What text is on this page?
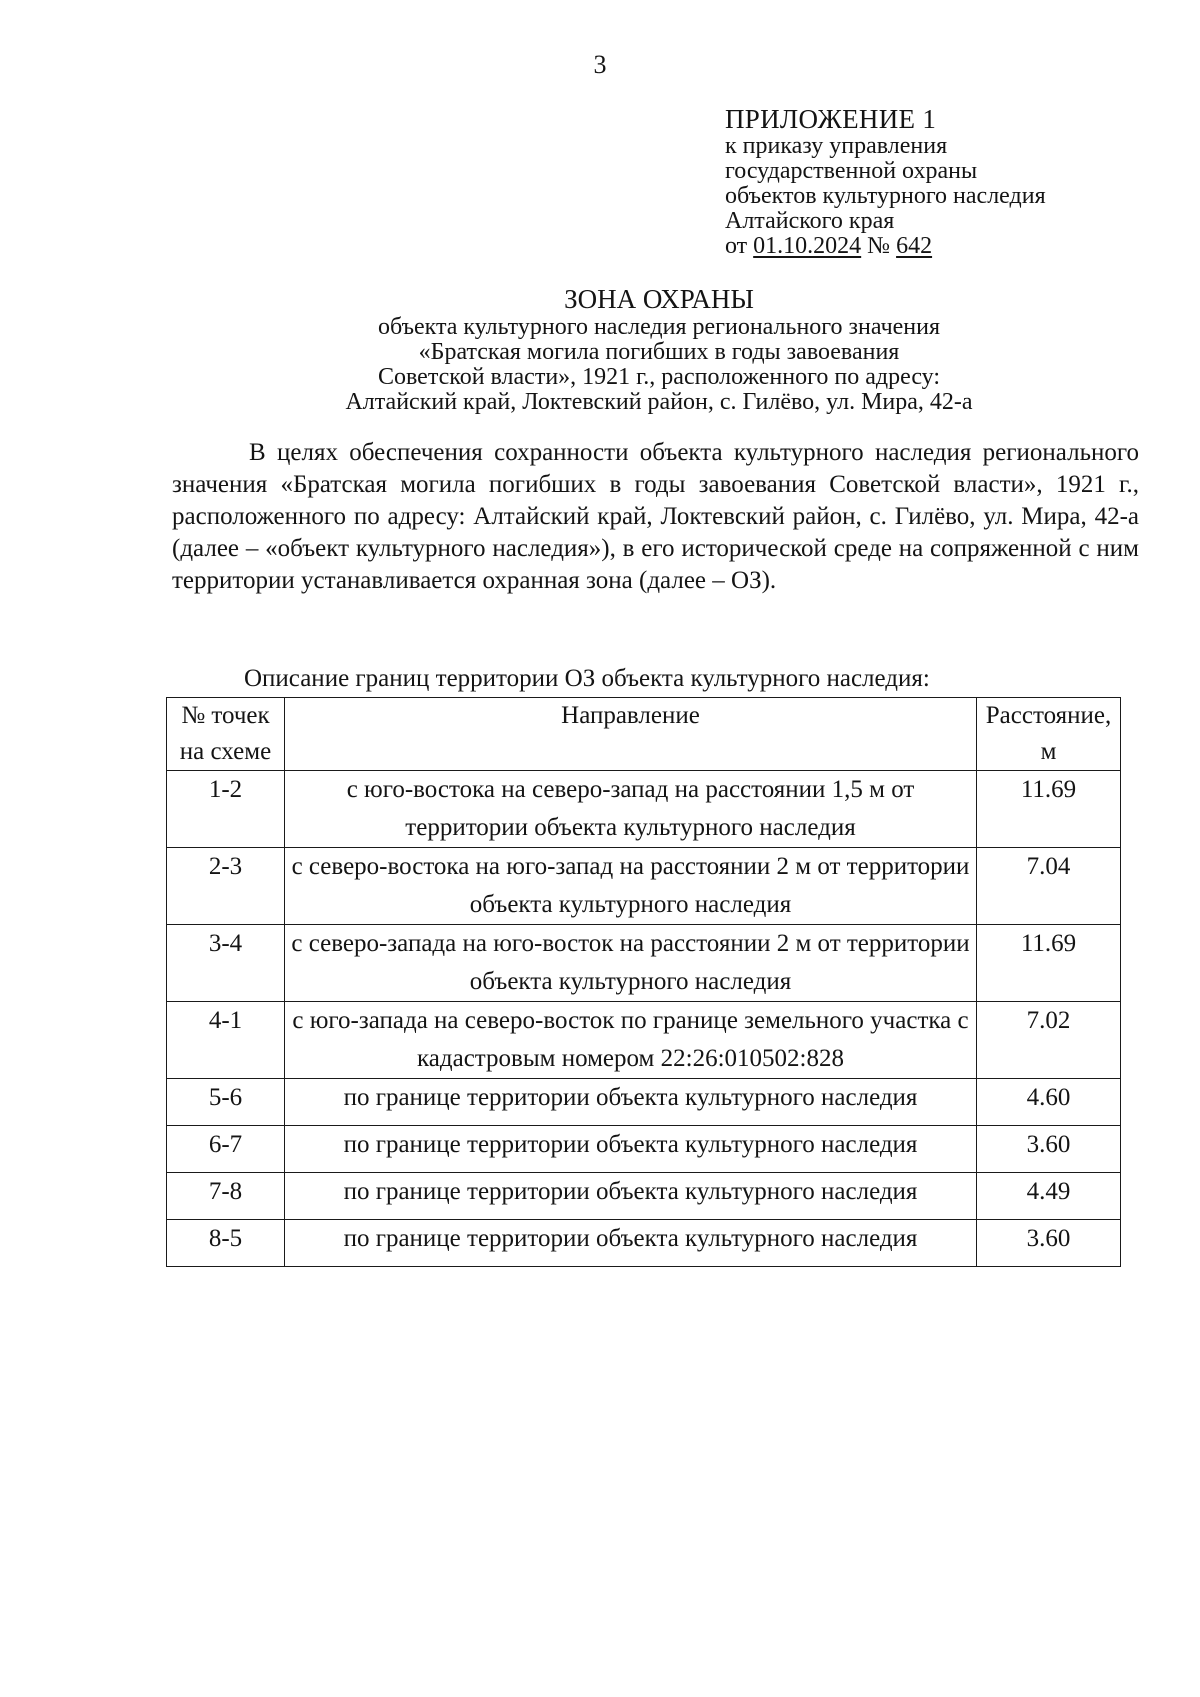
3
ПРИЛОЖЕНИЕ 1
к приказу управления
государственной охраны
объектов культурного наследия
Алтайского края
от 01.10.2024 № 642
ЗОНА ОХРАНЫ
объекта культурного наследия регионального значения
«Братская могила погибших в годы завоевания
Советской власти», 1921 г., расположенного по адресу:
Алтайский край, Локтевский район, с. Гилёво, ул. Мира, 42-а
В целях обеспечения сохранности объекта культурного наследия регионального значения «Братская могила погибших в годы завоевания Советской власти», 1921 г., расположенного по адресу: Алтайский край, Локтевский район, с. Гилёво, ул. Мира, 42-а (далее – «объект культурного наследия»), в его исторической среде на сопряженной с ним территории устанавливается охранная зона (далее – ОЗ).
Описание границ территории ОЗ объекта культурного наследия:
№ точек на схеме	Направление	Расстояние, м
1-2	с юго-востока на северо-запад на расстоянии 1,5 м от территории объекта культурного наследия	11.69
2-3	с северо-востока на юго-запад на расстоянии 2 м от территории объекта культурного наследия	7.04
3-4	с северо-запада на юго-восток на расстоянии 2 м от территории объекта культурного наследия	11.69
4-1	с юго-запада на северо-восток по границе земельного участка с кадастровым номером 22:26:010502:828	7.02
5-6	по границе территории объекта культурного наследия	4.60
6-7	по границе территории объекта культурного наследия	3.60
7-8	по границе территории объекта культурного наследия	4.49
8-5	по границе территории объекта культурного наследия	3.60
